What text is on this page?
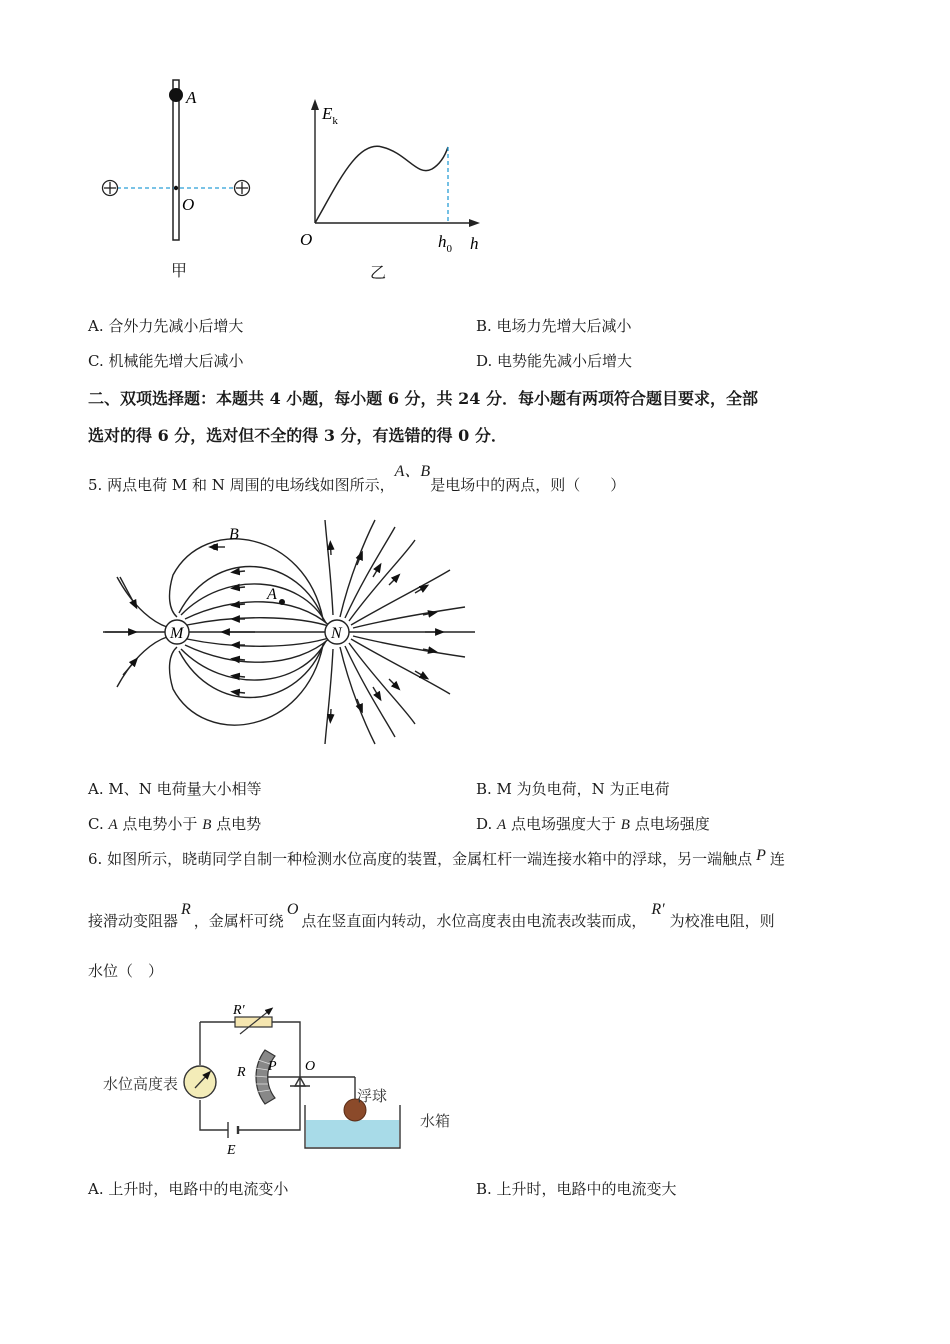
A
O
甲
$E_k$
O	$h_0$ h
乙
A. 合外力先减小后增大	B. 电场力先增大后减小
C. 机械能先增大后减小	D. 电势能先减小后增大
二、双项选择题：本题共 4 小题，每小题 6 分，共 24 分．每小题有两项符合题目要求，全部
选对的得 6 分，选对但不全的得 3 分，有选错的得 0 分．
5. 两点电荷 M 和 N 周围的电场线如图所示，A、B是电场中的两点，则（　　）
M	N
A
B
A. M、N 电荷量大小相等	B. M 为负电荷，N 为正电荷
C. A 点电势小于 B 点电势	D. A 点电场强度大于 B 点电场强度
6. 如图所示，晓萌同学自制一种检测水位高度的装置，金属杠杆一端连接水箱中的浮球，另一端触点 P 连
接滑动变阻器R，金属杆可绕O点在竖直面内转动，水位高度表由电流表改装而成，R′为校准电阻，则
水位（　）
R′
R P O
E
水位高度表
浮球
水箱
A. 上升时，电路中的电流变小	B. 上升时，电路中的电流变大
